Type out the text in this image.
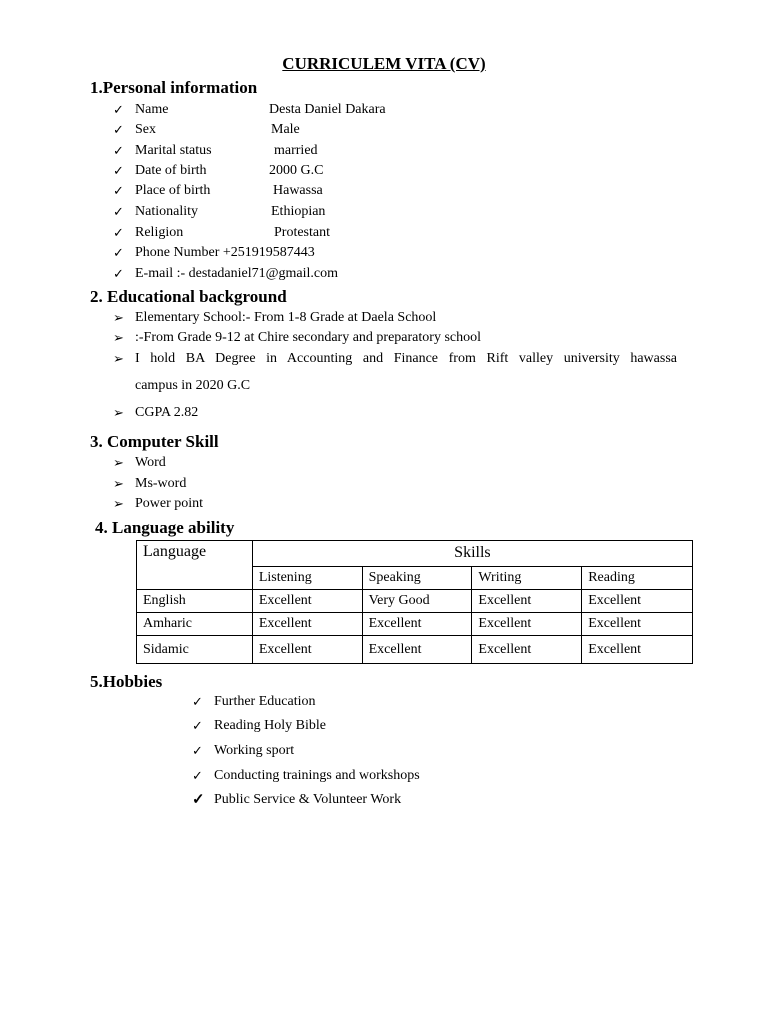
CURRICULEM VITA (CV)
1.Personal information
✓ Name	Desta Daniel Dakara
✓ Sex	Male
✓ Marital status	married
✓ Date of birth	2000 G.C
✓ Place of birth	Hawassa
✓ Nationality	Ethiopian
✓ Religion	Protestant
✓ Phone Number +251919587443
✓ E-mail :- destadaniel71@gmail.com
2. Educational background
➢ Elementary School:- From 1-8 Grade at Daela School
➢ :-From Grade 9-12 at Chire secondary and preparatory school
➢ I hold BA Degree in Accounting and Finance from Rift valley university hawassa
campus in 2020 G.C
➢ CGPA 2.82
3. Computer Skill
➢ Word
➢ Ms-word
➢ Power point
4. Language ability
Language	Skills			
	Listening	Speaking	Writing	Reading
English	Excellent	Very Good	Excellent	Excellent
Amharic	Excellent	Excellent	Excellent	Excellent
Sidamic	Excellent	Excellent	Excellent	Excellent
5.Hobbies
✓ Further Education
✓ Reading Holy Bible
✓ Working sport
✓ Conducting trainings and workshops
✓ Public Service & Volunteer Work
